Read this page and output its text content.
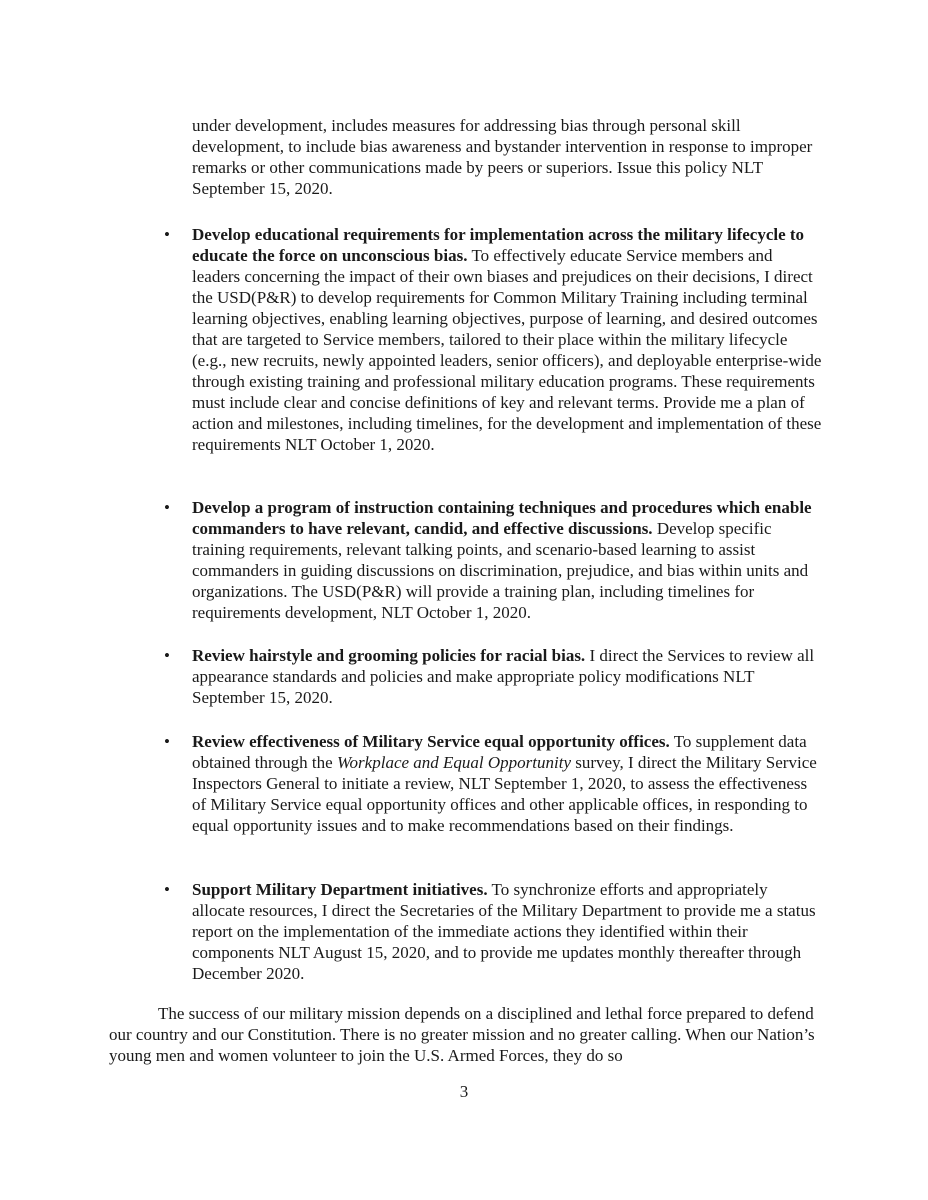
under development, includes measures for addressing bias through personal skill development, to include bias awareness and bystander intervention in response to improper remarks or other communications made by peers or superiors. Issue this policy NLT September 15, 2020.

• Develop educational requirements for implementation across the military lifecycle to educate the force on unconscious bias. To effectively educate Service members and leaders concerning the impact of their own biases and prejudices on their decisions, I direct the USD(P&R) to develop requirements for Common Military Training including terminal learning objectives, enabling learning objectives, purpose of learning, and desired outcomes that are targeted to Service members, tailored to their place within the military lifecycle (e.g., new recruits, newly appointed leaders, senior officers), and deployable enterprise-wide through existing training and professional military education programs. These requirements must include clear and concise definitions of key and relevant terms. Provide me a plan of action and milestones, including timelines, for the development and implementation of these requirements NLT October 1, 2020.
• Develop a program of instruction containing techniques and procedures which enable commanders to have relevant, candid, and effective discussions. Develop specific training requirements, relevant talking points, and scenario-based learning to assist commanders in guiding discussions on discrimination, prejudice, and bias within units and organizations. The USD(P&R) will provide a training plan, including timelines for requirements development, NLT October 1, 2020.
• Review hairstyle and grooming policies for racial bias. I direct the Services to review all appearance standards and policies and make appropriate policy modifications NLT September 15, 2020.
• Review effectiveness of Military Service equal opportunity offices. To supplement data obtained through the Workplace and Equal Opportunity survey, I direct the Military Service Inspectors General to initiate a review, NLT September 1, 2020, to assess the effectiveness of Military Service equal opportunity offices and other applicable offices, in responding to equal opportunity issues and to make recommendations based on their findings.
• Support Military Department initiatives. To synchronize efforts and appropriately allocate resources, I direct the Secretaries of the Military Department to provide me a status report on the implementation of the immediate actions they identified within their components NLT August 15, 2020, and to provide me updates monthly thereafter through December 2020.

The success of our military mission depends on a disciplined and lethal force prepared to defend our country and our Constitution. There is no greater mission and no greater calling. When our Nation’s young men and women volunteer to join the U.S. Armed Forces, they do so

3
